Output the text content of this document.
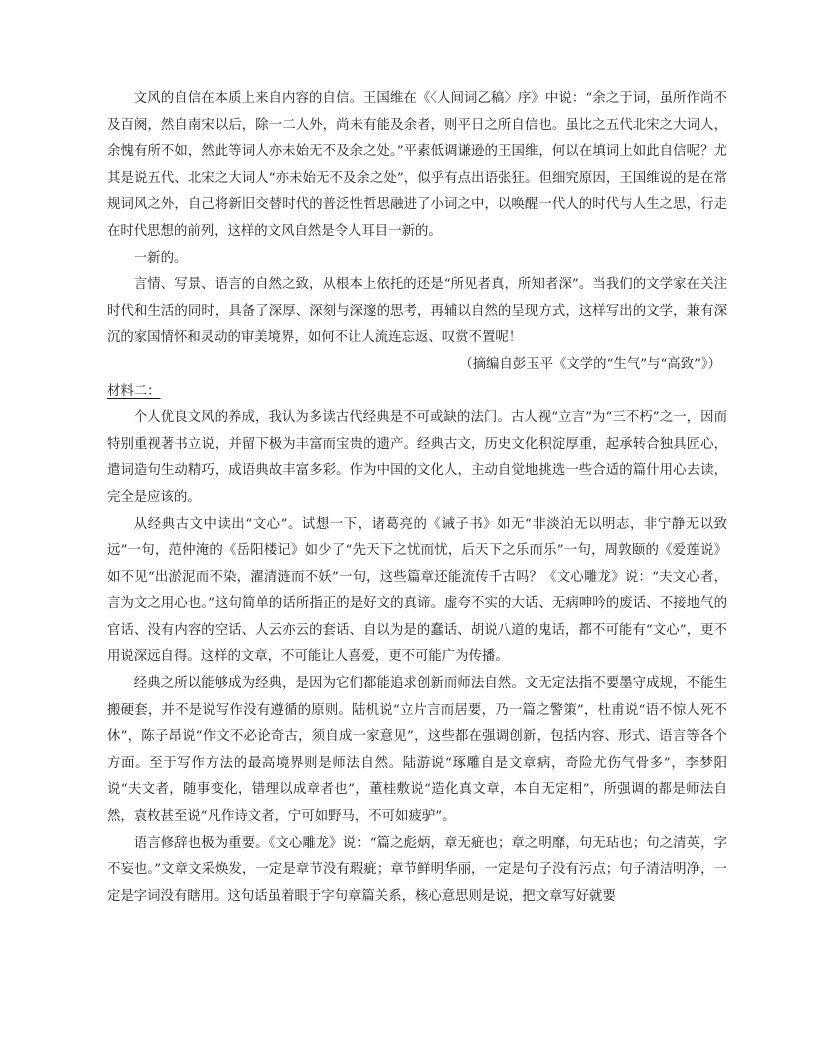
文风的自信在本质上来自内容的自信。王国维在《〈人间词乙稿〉序》中说：“余之于词，虽所作尚不及百阕，然自南宋以后，除一二人外，尚未有能及余者，则平日之所自信也。虽比之五代北宋之大词人，余愧有所不如，然此等词人亦未始无不及余之处。”平素低调谦逊的王国维，何以在填词上如此自信呢？尤其是说五代、北宋之大词人“亦未始无不及余之处”，似乎有点出语张狂。但细究原因，王国维说的是在常规词风之外，自己将新旧交替时代的普泛性哲思融进了小词之中，以唤醒一代人的时代与人生之思，行走在时代思想的前列，这样的文风自然是令人耳目一新的。

一新的。

言情、写景、语言的自然之致，从根本上依托的还是“所见者真，所知者深”。当我们的文学家在关注时代和生活的同时，具备了深厚、深刻与深邃的思考，再辅以自然的呈现方式，这样写出的文学，兼有深沉的家国情怀和灵动的审美境界，如何不让人流连忘返、叹赏不置呢！

（摘编自彭玉平《文学的“生气”与“高致”》）

材料二：

个人优良文风的养成，我认为多读古代经典是不可或缺的法门。古人视“立言”为“三不朽”之一，因而特别重视著书立说，并留下极为丰富而宝贵的遗产。经典古文，历史文化积淀厚重，起承转合独具匠心，遣词造句生动精巧，成语典故丰富多彩。作为中国的文化人，主动自觉地挑选一些合适的篇什用心去读，完全是应该的。

从经典古文中读出“文心”。试想一下，诸葛亮的《诫子书》如无“非淡泊无以明志，非宁静无以致远”一句，范仲淹的《岳阳楼记》如少了“先天下之忧而忧，后天下之乐而乐”一句，周敦颐的《爱莲说》如不见“出淤泥而不染，濯清涟而不妖”一句，这些篇章还能流传千古吗？《文心雕龙》说：“夫文心者，言为文之用心也。”这句简单的话所指正的是好文的真谛。虚夸不实的大话、无病呻吟的废话、不接地气的官话、没有内容的空话、人云亦云的套话、自以为是的蠢话、胡说八道的鬼话，都不可能有“文心”，更不用说深远自得。这样的文章，不可能让人喜爱，更不可能广为传播。

经典之所以能够成为经典，是因为它们都能追求创新而师法自然。文无定法指不要墨守成规，不能生搬硬套，并不是说写作没有遵循的原则。陆机说“立片言而居要，乃一篇之警策”，杜甫说“语不惊人死不休”，陈子昂说“作文不必论奇古，须自成一家意见”，这些都在强调创新，包括内容、形式、语言等各个方面。至于写作方法的最高境界则是师法自然。陆游说“琢雕自是文章病，奇险尤伤气骨多”，李梦阳说“夫文者，随事变化，错理以成章者也”，董桂敷说“造化真文章，本自无定相”，所强调的都是师法自然，袁枚甚至说“凡作诗文者，宁可如野马，不可如疲驴”。

语言修辞也极为重要。《文心雕龙》说：“篇之彪炳，章无疵也；章之明靡，句无玷也；句之清英，字不妄也。”文章文采焕发，一定是章节没有瑕疵；章节鲜明华丽，一定是句子没有污点；句子清洁明净，一定是字词没有瞎用。这句话虽着眼于字句章篇关系，核心意思则是说，把文章写好就要
